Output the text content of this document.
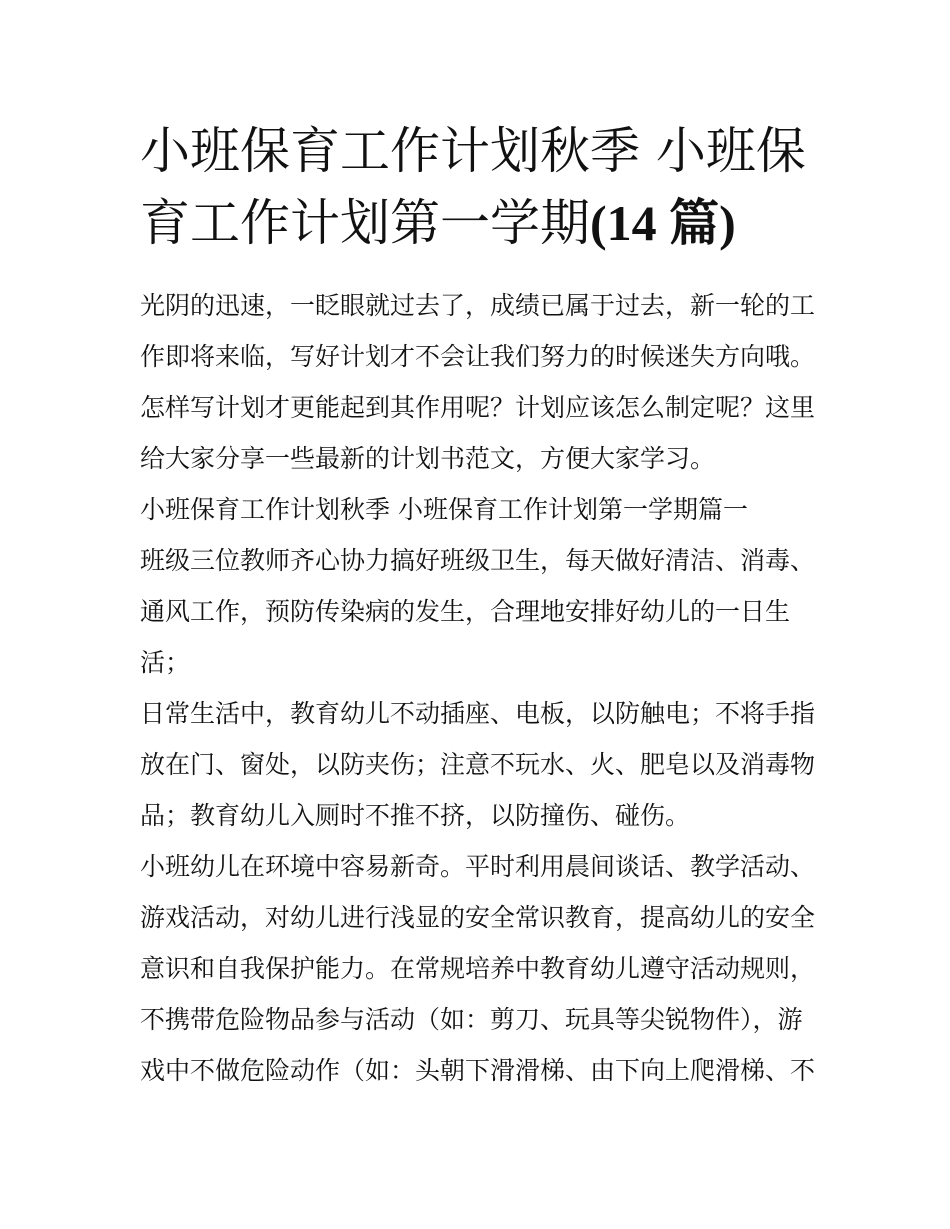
小班保育工作计划秋季 小班保
育工作计划第一学期(14 篇)
光阴的迅速，一眨眼就过去了，成绩已属于过去，新一轮的工
作即将来临，写好计划才不会让我们努力的时候迷失方向哦。
怎样写计划才更能起到其作用呢？计划应该怎么制定呢？这里
给大家分享一些最新的计划书范文，方便大家学习。
小班保育工作计划秋季 小班保育工作计划第一学期篇一
班级三位教师齐心协力搞好班级卫生，每天做好清洁、消毒、
通风工作，预防传染病的发生，合理地安排好幼儿的一日生
活；
日常生活中，教育幼儿不动插座、电板，以防触电；不将手指
放在门、窗处，以防夹伤；注意不玩水、火、肥皂以及消毒物
品；教育幼儿入厕时不推不挤，以防撞伤、碰伤。
小班幼儿在环境中容易新奇。平时利用晨间谈话、教学活动、
游戏活动，对幼儿进行浅显的安全常识教育，提高幼儿的安全
意识和自我保护能力。在常规培养中教育幼儿遵守活动规则，
不携带危险物品参与活动（如：剪刀、玩具等尖锐物件），游
戏中不做危险动作（如：头朝下滑滑梯、由下向上爬滑梯、不
